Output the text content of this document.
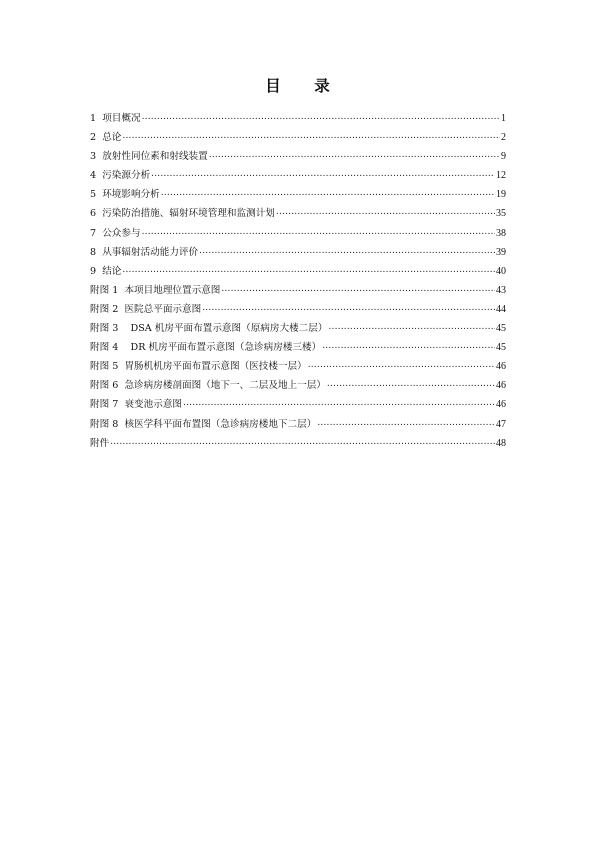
目 录
1  项目概况 .....	1
2  总论 .....	2
3  放射性同位素和射线装置 .....	9
4  污染源分析 .....	12
5  环境影响分析 .....	19
6  污染防治措施、辐射环境管理和监测计划 .....	35
7  公众参与 .....	38
8  从事辐射活动能力评价 .....	39
9  结论 .....	40
附图 1  本项目地理位置示意图 .....	43
附图 2  医院总平面示意图 .....	44
附图 3    DSA 机房平面布置示意图（原病房大楼二层） .....	45
附图 4    DR 机房平面布置示意图（急诊病房楼三楼） .....	45
附图 5  胃肠机机房平面布置示意图（医技楼一层） .....	46
附图 6  急诊病房楼剖面图（地下一、二层及地上一层） .....	46
附图 7  衰变池示意图 .....	46
附图 8  核医学科平面布置图（急诊病房楼地下二层） .....	47
附件 .....	48
